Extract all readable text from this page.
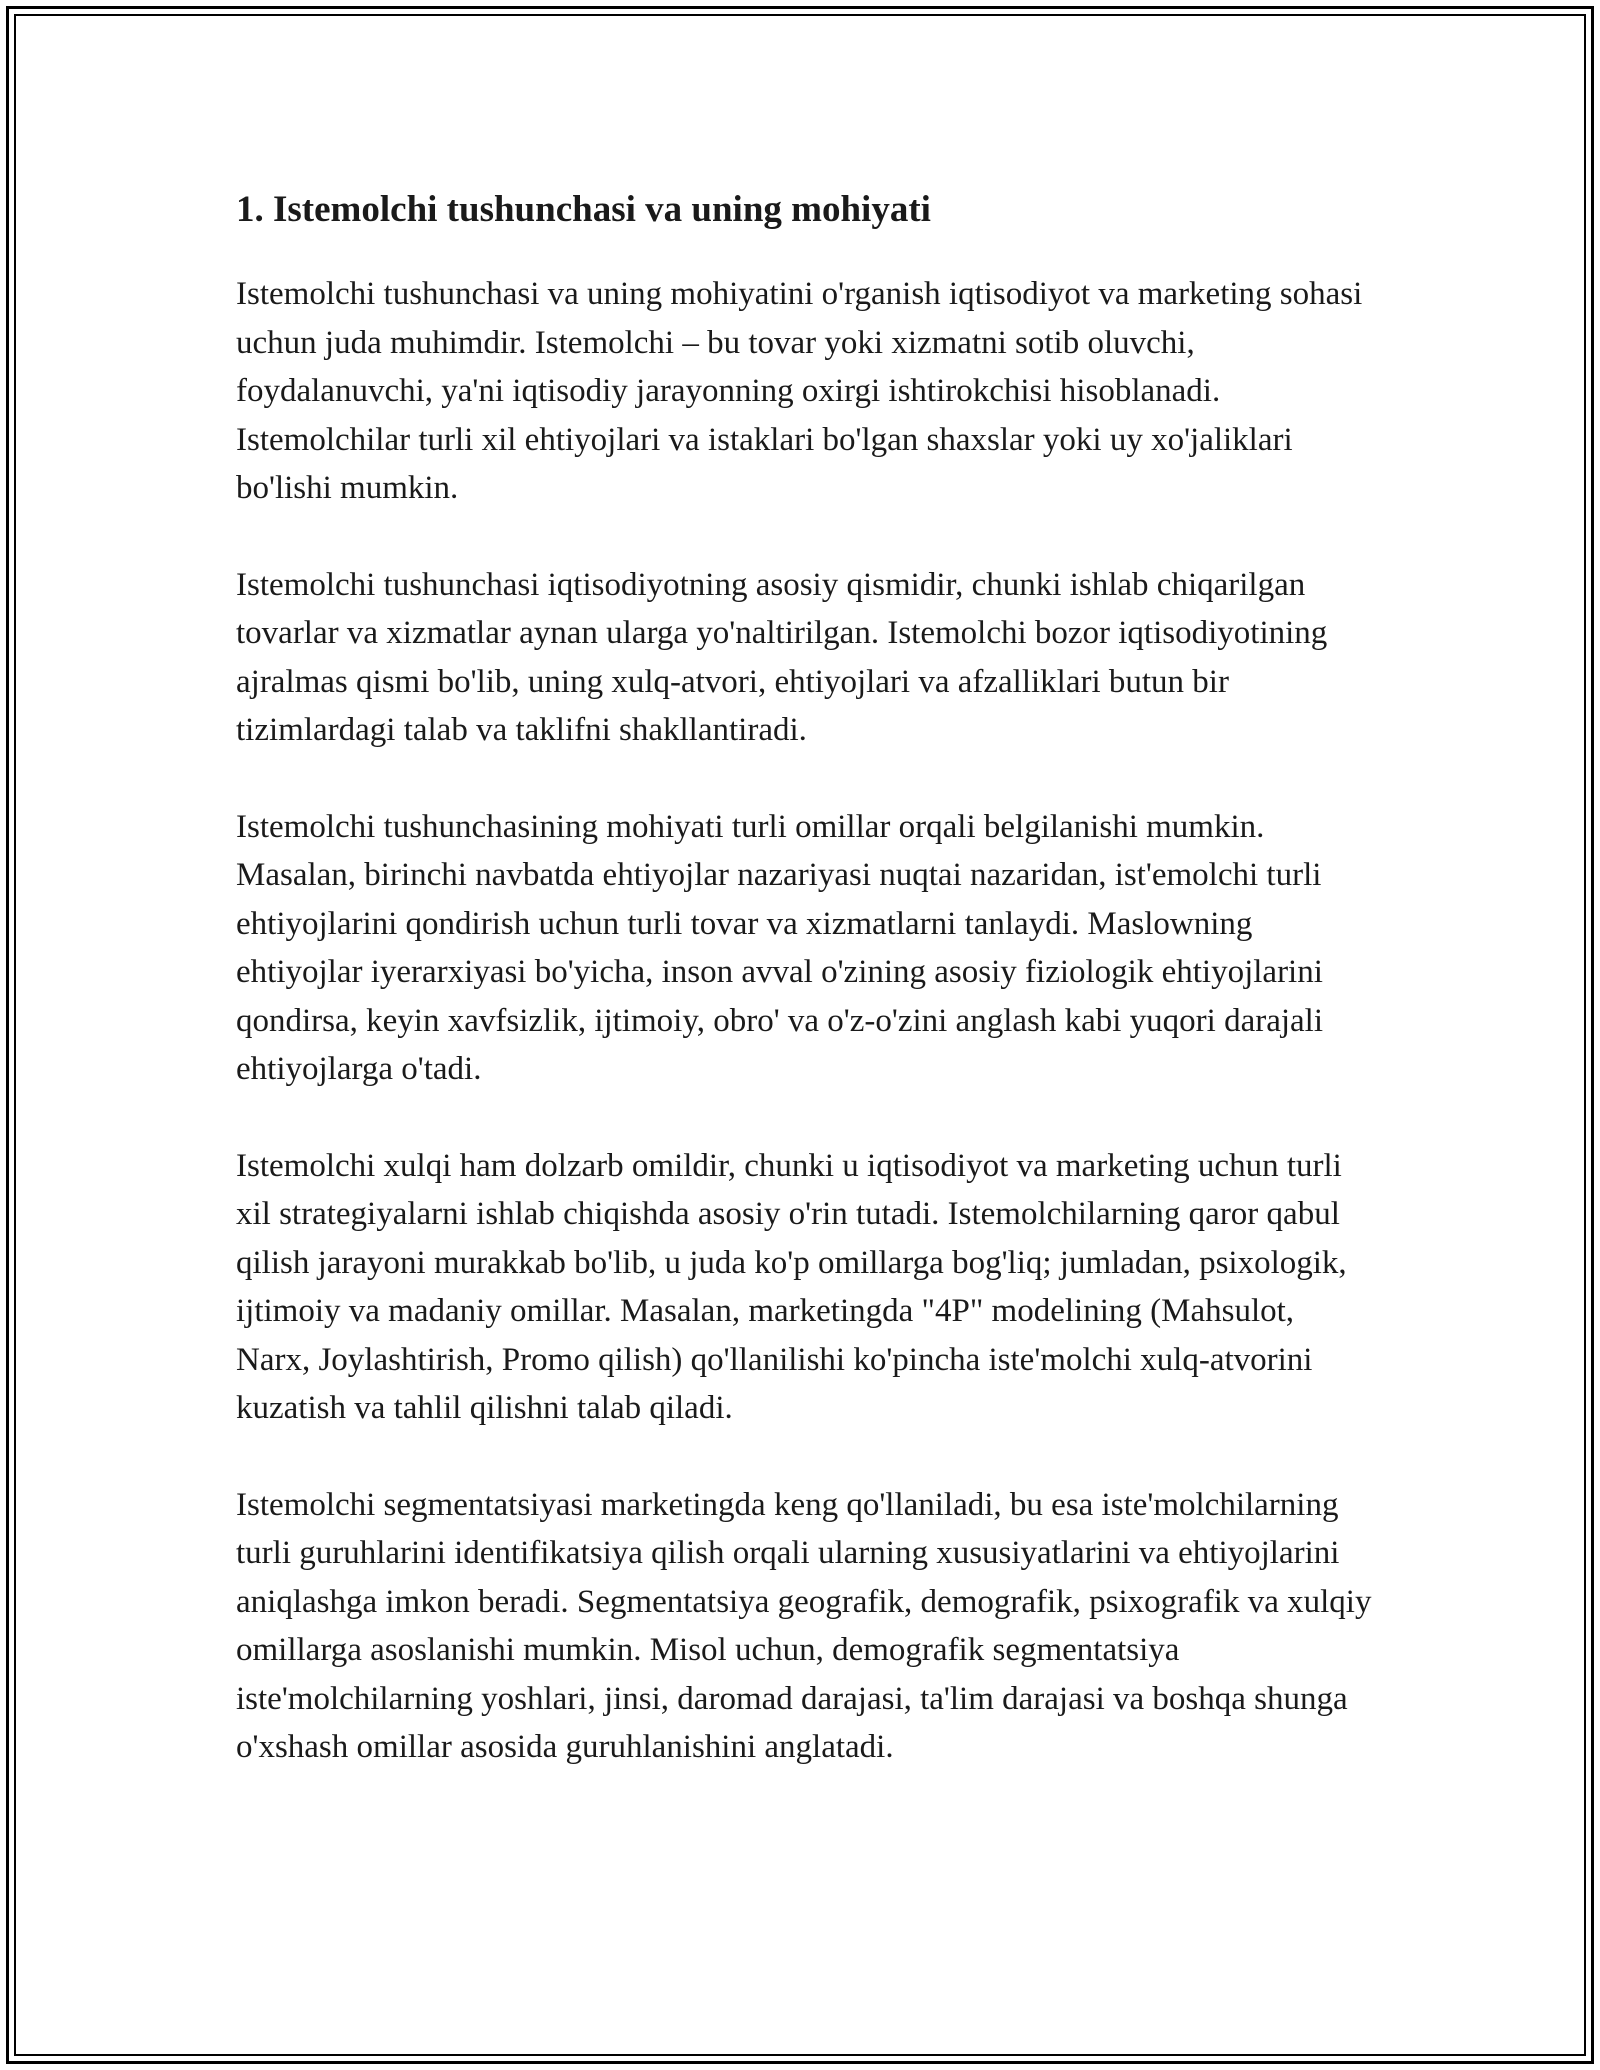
1. Istemolchi tushunchasi va uning mohiyati

Istemolchi tushunchasi va uning mohiyatini o'rganish iqtisodiyot va marketing sohasi uchun juda muhimdir. Istemolchi – bu tovar yoki xizmatni sotib oluvchi, foydalanuvchi, ya'ni iqtisodiy jarayonning oxirgi ishtirokchisi hisoblanadi. Istemolchilar turli xil ehtiyojlari va istaklari bo'lgan shaxslar yoki uy xo'jaliklari bo'lishi mumkin.

Istemolchi tushunchasi iqtisodiyotning asosiy qismidir, chunki ishlab chiqarilgan tovarlar va xizmatlar aynan ularga yo'naltirilgan. Istemolchi bozor iqtisodiyotining ajralmas qismi bo'lib, uning xulq-atvori, ehtiyojlari va afzalliklari butun bir tizimlardagi talab va taklifni shakllantiradi.

Istemolchi tushunchasining mohiyati turli omillar orqali belgilanishi mumkin. Masalan, birinchi navbatda ehtiyojlar nazariyasi nuqtai nazaridan, ist'emolchi turli ehtiyojlarini qondirish uchun turli tovar va xizmatlarni tanlaydi. Maslowning ehtiyojlar iyerarxiyasi bo'yicha, inson avval o'zining asosiy fiziologik ehtiyojlarini qondirsa, keyin xavfsizlik, ijtimoiy, obro' va o'z-o'zini anglash kabi yuqori darajali ehtiyojlarga o'tadi.

Istemolchi xulqi ham dolzarb omildir, chunki u iqtisodiyot va marketing uchun turli xil strategiyalarni ishlab chiqishda asosiy o'rin tutadi. Istemolchilarning qaror qabul qilish jarayoni murakkab bo'lib, u juda ko'p omillarga bog'liq; jumladan, psixologik, ijtimoiy va madaniy omillar. Masalan, marketingda "4P" modelining (Mahsulot, Narx, Joylashtirish, Promo qilish) qo'llanilishi ko'pincha iste'molchi xulq-atvorini kuzatish va tahlil qilishni talab qiladi.

Istemolchi segmentatsiyasi marketingda keng qo'llaniladi, bu esa iste'molchilarning turli guruhlarini identifikatsiya qilish orqali ularning xususiyatlarini va ehtiyojlarini aniqlashga imkon beradi. Segmentatsiya geografik, demografik, psixografik va xulqiy omillarga asoslanishi mumkin. Misol uchun, demografik segmentatsiya iste'molchilarning yoshlari, jinsi, daromad darajasi, ta'lim darajasi va boshqa shunga o'xshash omillar asosida guruhlanishini anglatadi.
